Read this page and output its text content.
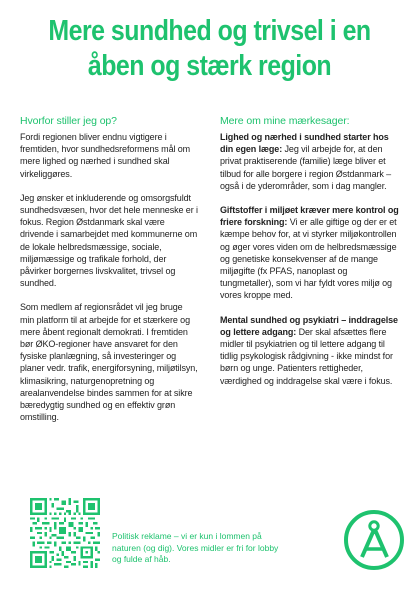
Mere sundhed og trivsel i en
åben og stærk region
Hvorfor stiller jeg op?

Fordi regionen bliver endnu vigtigere i fremtiden, hvor sundhedsreformens mål om mere lighed og nærhed i sundhed skal virkeliggøres.

Jeg ønsker et inkluderende og omsorgsfuldt sundhedsvæsen, hvor det hele menneske er i fokus. Region Østdanmark skal være drivende i samarbejdet med kommunerne om de lokale helbredsmæssige, sociale, miljømæssige og trafikale forhold, der påvirker borgernes livskvalitet, trivsel og sundhed.

Som medlem af regionsrådet vil jeg bruge min platform til at arbejde for et stærkere og mere åbent regionalt demokrati. I fremtiden bør ØKO-regioner have ansvaret for den fysiske planlægning, så investeringer og planer vedr. trafik, energiforsyning, miljøtilsyn, klimasikring, naturgenopretning og arealanvendelse bindes sammen for at sikre bæredygtig sundhed og en effektiv grøn omstilling.

Mere om mine mærkesager:

Lighed og nærhed i sundhed starter hos din egen læge: Jeg vil arbejde for, at den privat praktiserende (familie) læge bliver et tilbud for alle borgere i region Østdanmark – også i de yderområder, som i dag mangler.

Giftstoffer i miljøet kræver mere kontrol og friere forskning: Vi er alle giftige og der er et kæmpe behov for, at vi styrker miljøkontrollen og øger vores viden om de helbredsmæssige og genetiske konsekvenser af de mange miljøgifte (fx PFAS, nanoplast og tungmetaller), som vi har fyldt vores miljø og vores kroppe med.

Mental sundhed og psykiatri – inddragelse og lettere adgang: Der skal afsættes flere midler til psykiatrien og til lettere adgang til tidlig psykologisk rådgivning - ikke mindst for børn og unge. Patienters rettigheder, værdighed og inddragelse skal være i fokus.

Politisk reklame – vi er kun i lommen på
naturen (og dig). Vores midler er fri for lobby
og fulde af håb.
